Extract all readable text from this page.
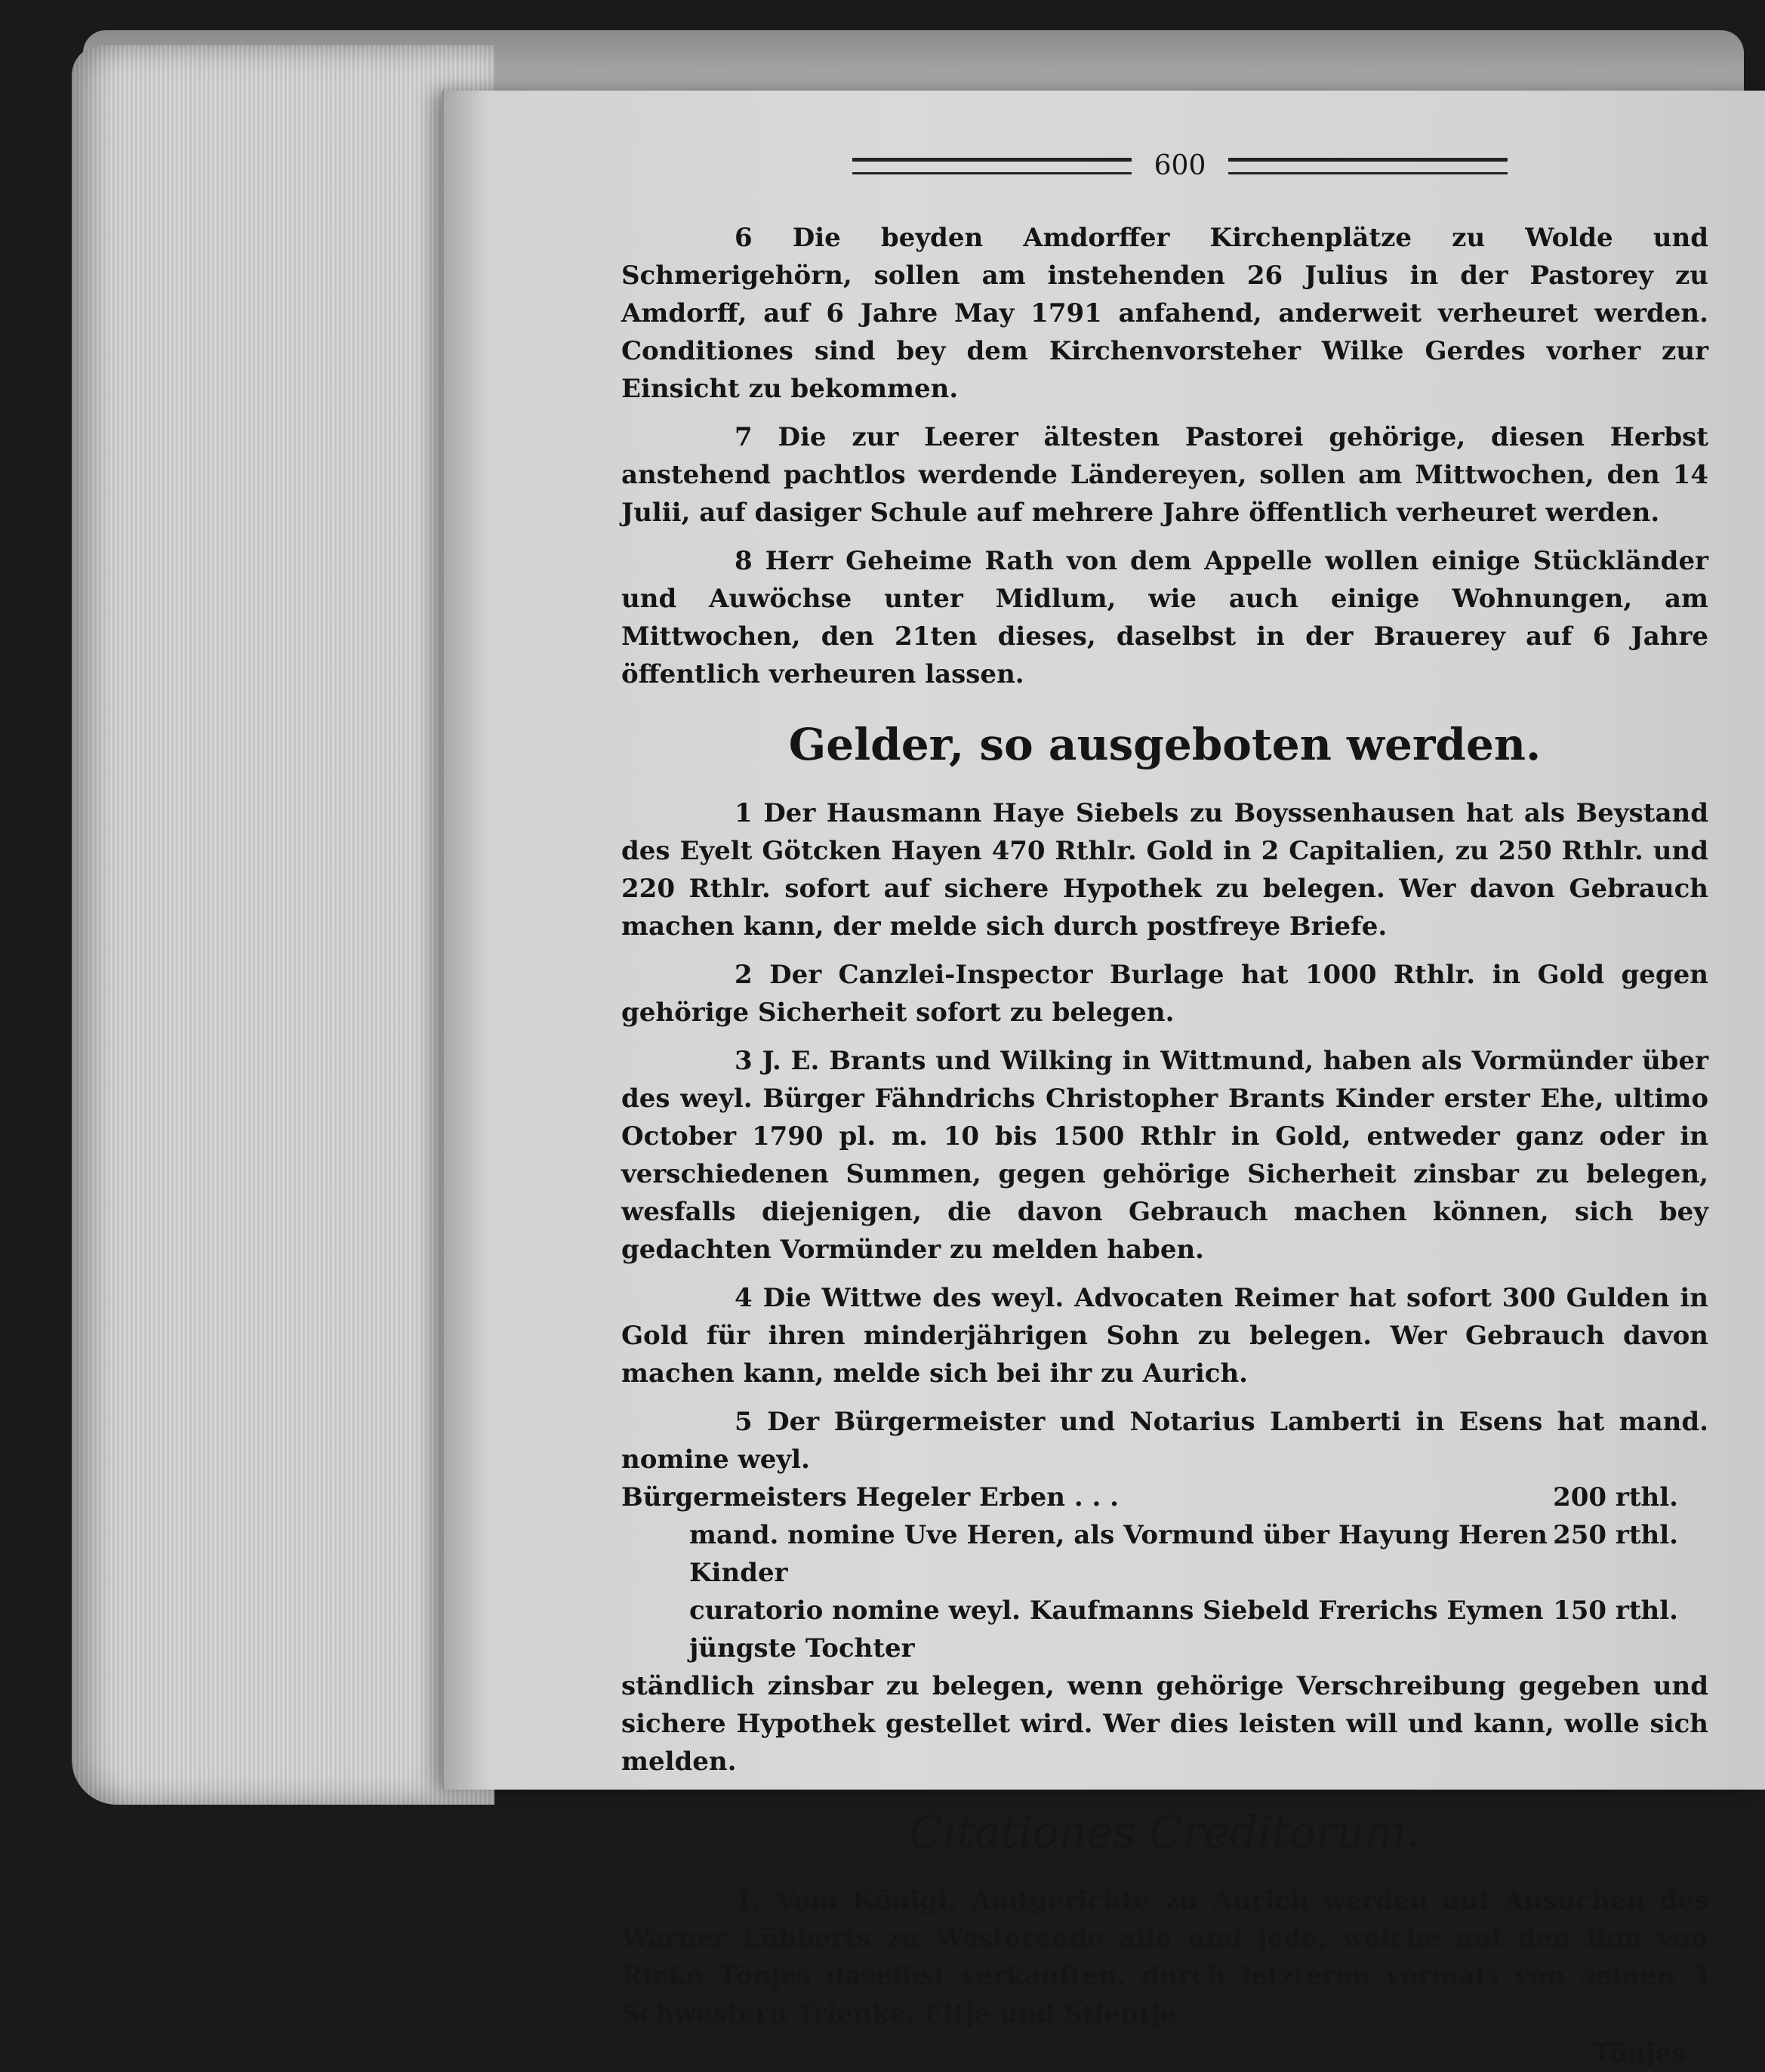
600

6 Die beyden Amdorffer Kirchenplätze zu Wolde und Schmerigehörn, sollen am instehenden 26 Julius in der Pastorey zu Amdorff, auf 6 Jahre May 1791 anfahend, anderweit verheuret werden. Conditiones sind bey dem Kirchenvorsteher Wilke Gerdes vorher zur Einsicht zu bekommen.

7 Die zur Leerer ältesten Pastorei gehörige, diesen Herbst anstehend pachtlos werdende Ländereyen, sollen am Mittwochen, den 14 Julii, auf dasiger Schule auf mehrere Jahre öffentlich verheuret werden.

8 Herr Geheime Rath von dem Appelle wollen einige Stückländer und Auwöchse unter Midlum, wie auch einige Wohnungen, am Mittwochen, den 21ten dieses, daselbst in der Brauerey auf 6 Jahre öffentlich verheuren lassen.

Gelder, so ausgeboten werden.

1 Der Hausmann Haye Siebels zu Boyssenhausen hat als Beystand des Eyelt Götcken Hayen 470 Rthlr. Gold in 2 Capitalien, zu 250 Rthlr. und 220 Rthlr. sofort auf sichere Hypothek zu belegen. Wer davon Gebrauch machen kann, der melde sich durch postfreye Briefe.

2 Der Canzlei-Inspector Burlage hat 1000 Rthlr. in Gold gegen gehörige Sicherheit sofort zu belegen.

3 J. E. Brants und Wilking in Wittmund, haben als Vormünder über des weyl. Bürger Fähndrichs Christopher Brants Kinder erster Ehe, ultimo October 1790 pl. m. 10 bis 1500 Rthlr in Gold, entweder ganz oder in verschiedenen Summen, gegen gehörige Sicherheit zinsbar zu belegen, wesfalls diejenigen, die davon Gebrauch machen können, sich bey gedachten Vormünder zu melden haben.

4 Die Wittwe des weyl. Advocaten Reimer hat sofort 300 Gulden in Gold für ihren minderjährigen Sohn zu belegen. Wer Gebrauch davon machen kann, melde sich bei ihr zu Aurich.

5 Der Bürgermeister und Notarius Lamberti in Esens hat mand. nomine weyl.
Bürgermeisters Hegeler Erben . . .	200 rthl.
mand. nomine Uve Heren, als Vormund über Hayung Heren Kinder
250 rthl.
curatorio nomine weyl. Kaufmanns Siebeld Frerichs Eymen jüngste Tochter
150 rthl.

ständlich zinsbar zu belegen, wenn gehörige Verschreibung gegeben und sichere Hypothek gestellet wird. Wer dies leisten will und kann, wolle sich melden.

Citationes Creditorum.

1. Vom Königl. Amtgerichte zu Aurich werden auf Ansuchen des Warner Lübberts zu Westerende alle und jede, welche auf den ihm von Rieke Tönjes daselbst verkauften, durch letzteren vormals von seinen 3 Schwestern Trienke, Eitje und Stientje

Tönjes
